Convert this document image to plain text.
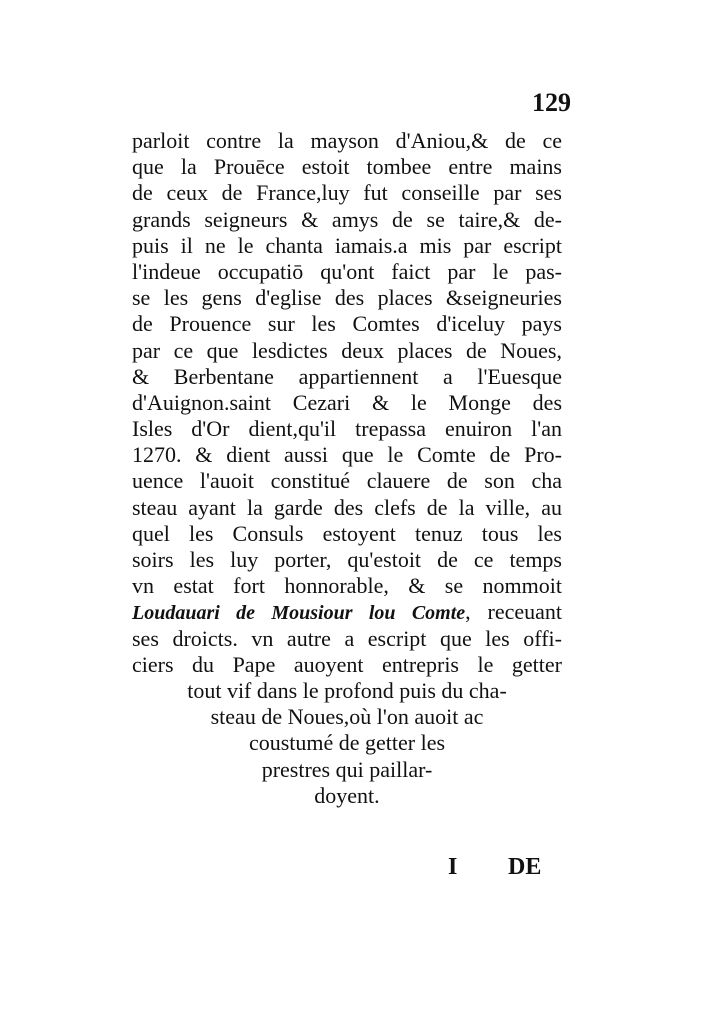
129
parloit contre la mayson d'Aniou,& de ce
que la Prouēce estoit tombee entre mains
de ceux de France,luy fut conseille par ses
grands seigneurs & amys de se taire,& de-
puis il ne le chanta iamais.a mis par escript
l'indeue occupatiō qu'ont faict par le pas-
se les gens d'eglise des places &seigneuries
de Prouence sur les Comtes d'iceluy pays
par ce que lesdictes deux places de Noues,
& Berbentane appartiennent a l'Euesque
d'Auignon.saint Cezari & le Monge des
Isles d'Or dient,qu'il trepassa enuiron l'an
1270. & dient aussi que le Comte de Pro-
uence l'auoit constitué clauere de son cha
steau ayant la garde des clefs de la ville, au
quel les Consuls estoyent tenuz tous les
soirs les luy porter, qu'estoit de ce temps
vn estat fort honnorable, & se nommoit
Loudauari de Mousiour lou Comte, receuant
ses droicts. vn autre a escript que les offi-
ciers du Pape auoyent entrepris le getter
tout vif dans le profond puis du cha-
steau de Noues,où l'on auoit ac
coustumé de getter les
prestres qui paillar-
doyent.
I DE
